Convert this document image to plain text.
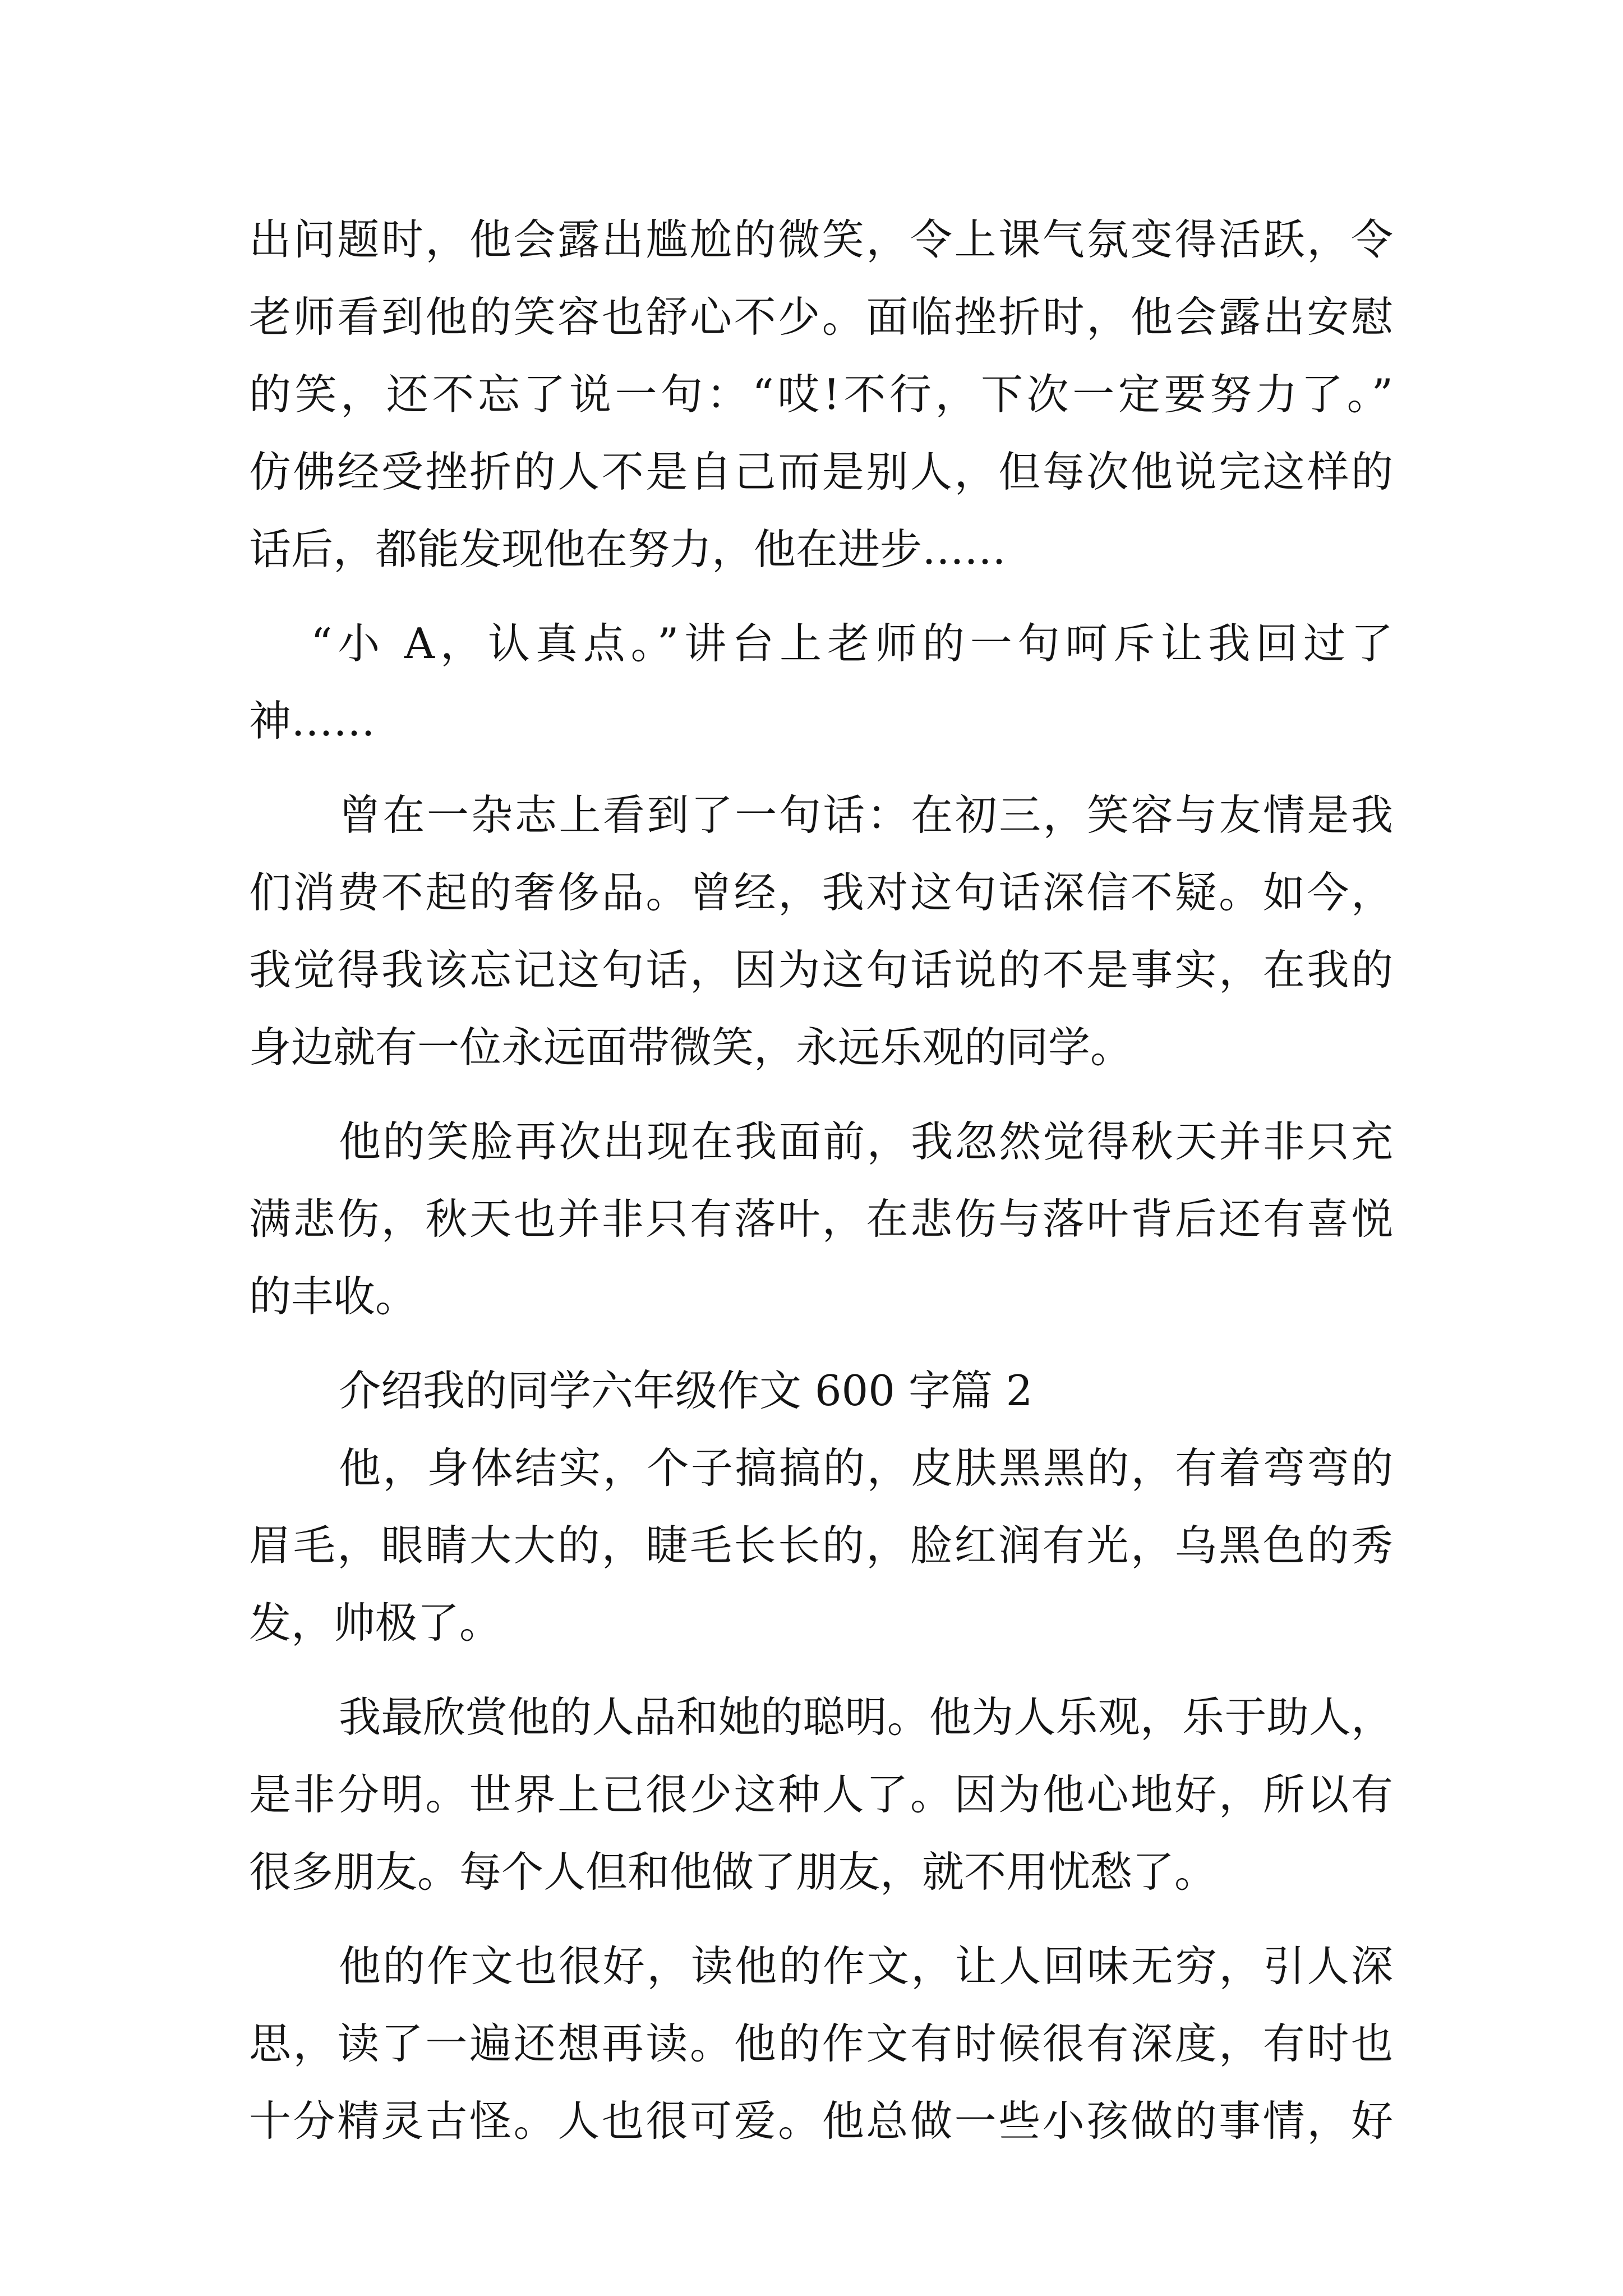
出问题时，他会露出尴尬的微笑，令上课气氛变得活跃，令
老师看到他的笑容也舒心不少。面临挫折时，他会露出安慰
的笑，还不忘了说一句：“哎!不行，下次一定要努力了。”
仿佛经受挫折的人不是自己而是别人，但每次他说完这样的
话后，都能发现他在努力，他在进步……
“小 A，认真点。”讲台上老师的一句呵斥让我回过了
神……
曾在一杂志上看到了一句话：在初三，笑容与友情是我
们消费不起的奢侈品。曾经，我对这句话深信不疑。如今，
我觉得我该忘记这句话，因为这句话说的不是事实，在我的
身边就有一位永远面带微笑，永远乐观的同学。
他的笑脸再次出现在我面前，我忽然觉得秋天并非只充
满悲伤，秋天也并非只有落叶，在悲伤与落叶背后还有喜悦
的丰收。
介绍我的同学六年级作文 600 字篇 2
他，身体结实，个子搞搞的，皮肤黑黑的，有着弯弯的
眉毛，眼睛大大的，睫毛长长的，脸红润有光，乌黑色的秀
发，帅极了。
我最欣赏他的人品和她的聪明。他为人乐观，乐于助人，
是非分明。世界上已很少这种人了。因为他心地好，所以有
很多朋友。每个人但和他做了朋友，就不用忧愁了。
他的作文也很好，读他的作文，让人回味无穷，引人深
思，读了一遍还想再读。他的作文有时候很有深度，有时也
十分精灵古怪。人也很可爱。他总做一些小孩做的事情，好
